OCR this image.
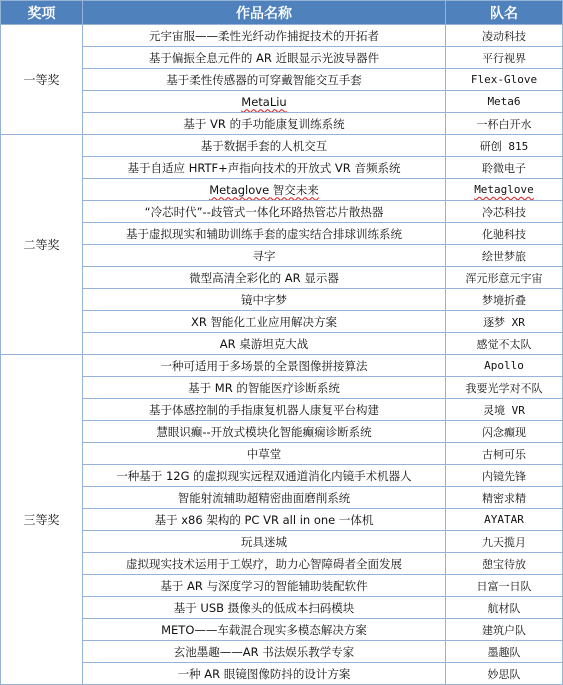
奖项	作品名称	队名
一等奖	元宇宙服——柔性光纤动作捕捉技术的开拓者	凌动科技
	基于偏振全息元件的 AR 近眼显示光波导器件	平行视界
	基于柔性传感器的可穿戴智能交互手套	Flex-Glove
	MetaLiu	Meta6
	基于 VR 的手功能康复训练系统	一杯白开水
二等奖	基于数据手套的人机交互	研创 815
	基于自适应 HRTF+声指向技术的开放式 VR 音频系统	聆微电子
	Metaglove 智交未来	Metaglove
	“冷芯时代”--歧管式一体化环路热管芯片散热器	冷芯科技
	基于虚拟现实和辅助训练手套的虚实结合排球训练系统	化驰科技
	寻字	绘世梦旅
	微型高清全彩化的 AR 显示器	浑元形意元宇宙
	镜中字梦	梦境折叠
	XR 智能化工业应用解决方案	逐梦 XR
	AR 桌游坦克大战	感觉不太队
三等奖	一种可适用于多场景的全景图像拼接算法	Apollo
	基于 MR 的智能医疗诊断系统	我要光学对不队
	基于体感控制的手指康复机器人康复平台构建	灵境 VR
	慧眼识癫--开放式模块化智能癫痫诊断系统	闪念癫现
	中草堂	古柯可乐
	一种基于 12G 的虚拟现实远程双通道消化内镜手术机器人	内镜先锋
	智能射流辅助超精密曲面磨削系统	精密求精
	基于 x86 架构的 PC VR all in one 一体机	AYATAR
	玩具迷城	九天揽月
	虚拟现实技术运用于工娱疗，助力心智障碍者全面发展	憩宝待放
	基于 AR 与深度学习的智能辅助装配软件	日富一日队
	基于 USB 摄像头的低成本扫码模块	航材队
	METO——车载混合现实多模态解决方案	建筑户队
	玄池墨趣——AR 书法娱乐教学专家	墨趣队
	一种 AR 眼镜图像防抖的设计方案	妙思队
